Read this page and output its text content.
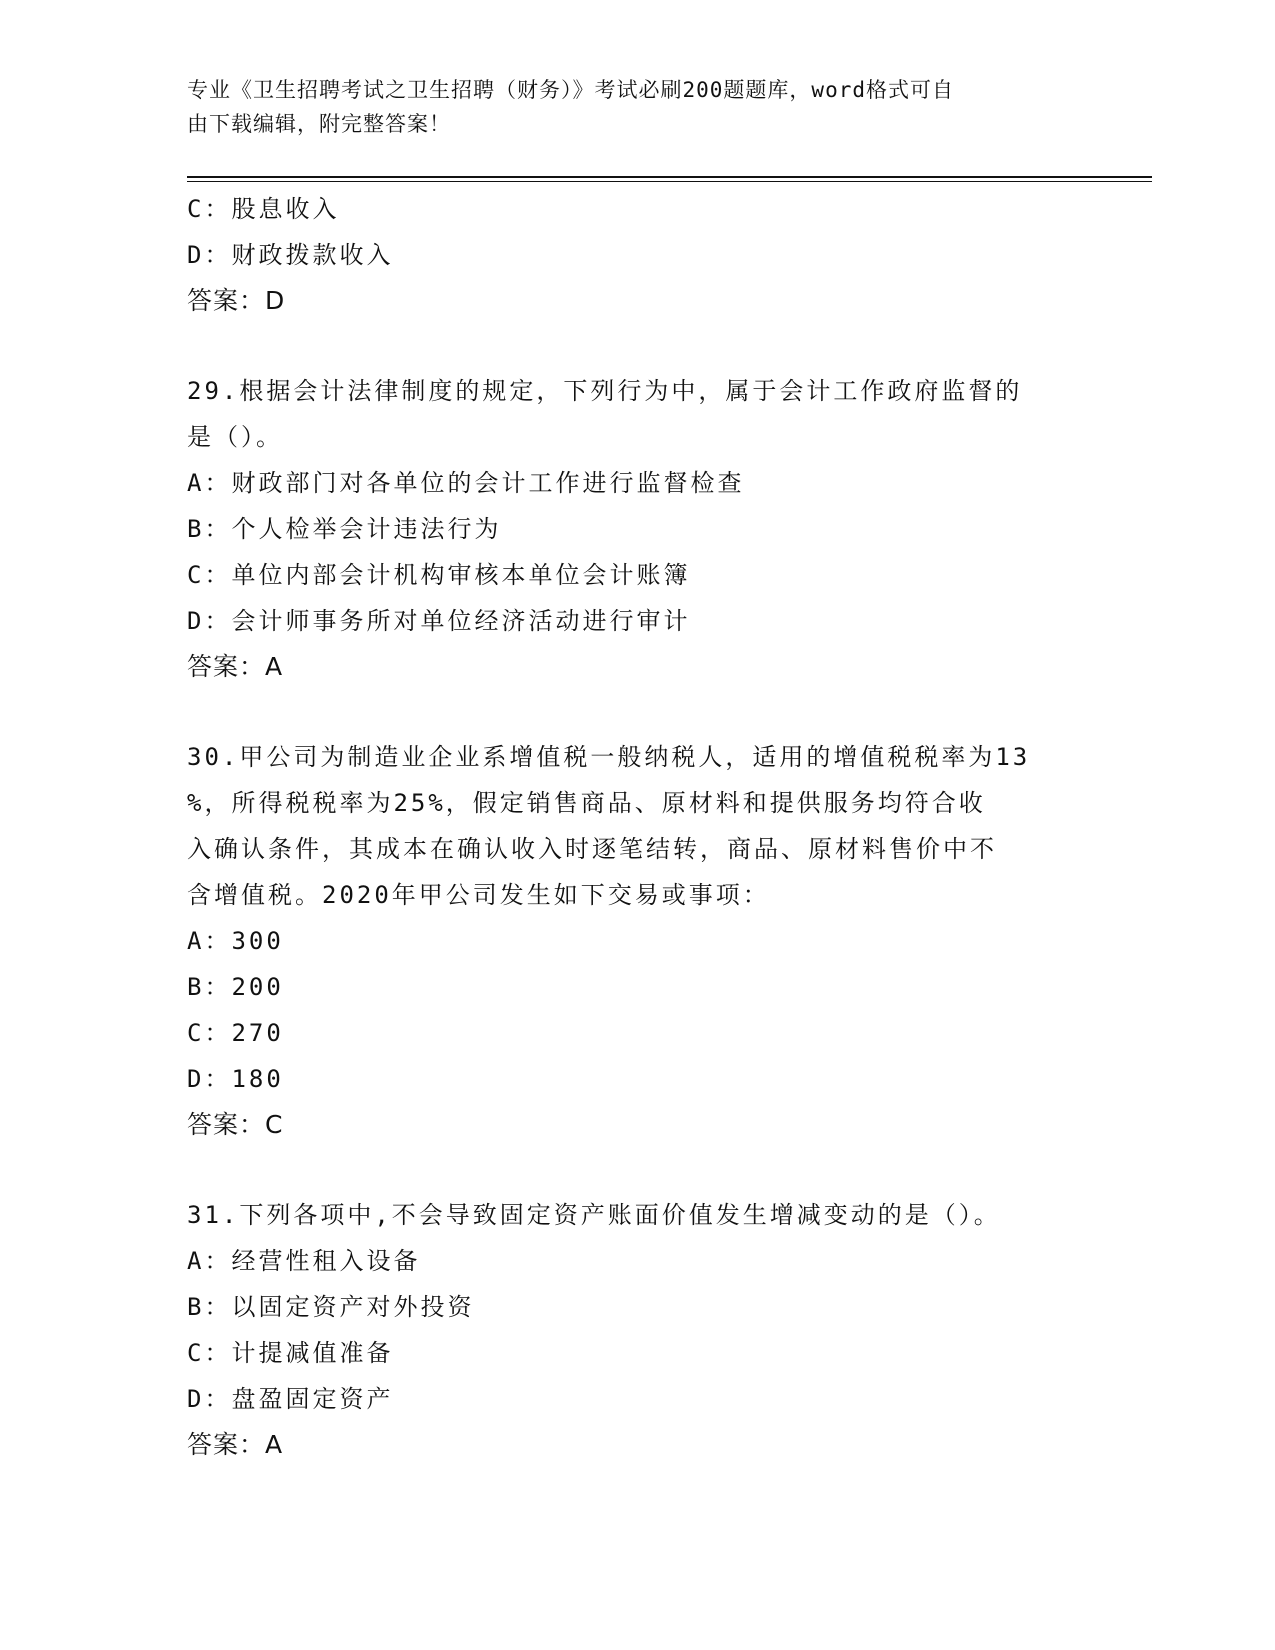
专业《卫生招聘考试之卫生招聘（财务）》考试必刷200题题库，word格式可自
由下载编辑，附完整答案！
C：股息收入
D：财政拨款收入
答案：D
29.根据会计法律制度的规定，下列行为中，属于会计工作政府监督的
是（）。
A：财政部门对各单位的会计工作进行监督检查
B：个人检举会计违法行为
C：单位内部会计机构审核本单位会计账簿
D：会计师事务所对单位经济活动进行审计
答案：A
30.甲公司为制造业企业系增值税一般纳税人，适用的增值税税率为13
%，所得税税率为25%，假定销售商品、原材料和提供服务均符合收
入确认条件，其成本在确认收入时逐笔结转，商品、原材料售价中不
含增值税。2020年甲公司发生如下交易或事项：
A：300
B：200
C：270
D：180
答案：C
31.下列各项中,不会导致固定资产账面价值发生增减变动的是（）。
A：经营性租入设备
B：以固定资产对外投资
C：计提减值准备
D：盘盈固定资产
答案：A
